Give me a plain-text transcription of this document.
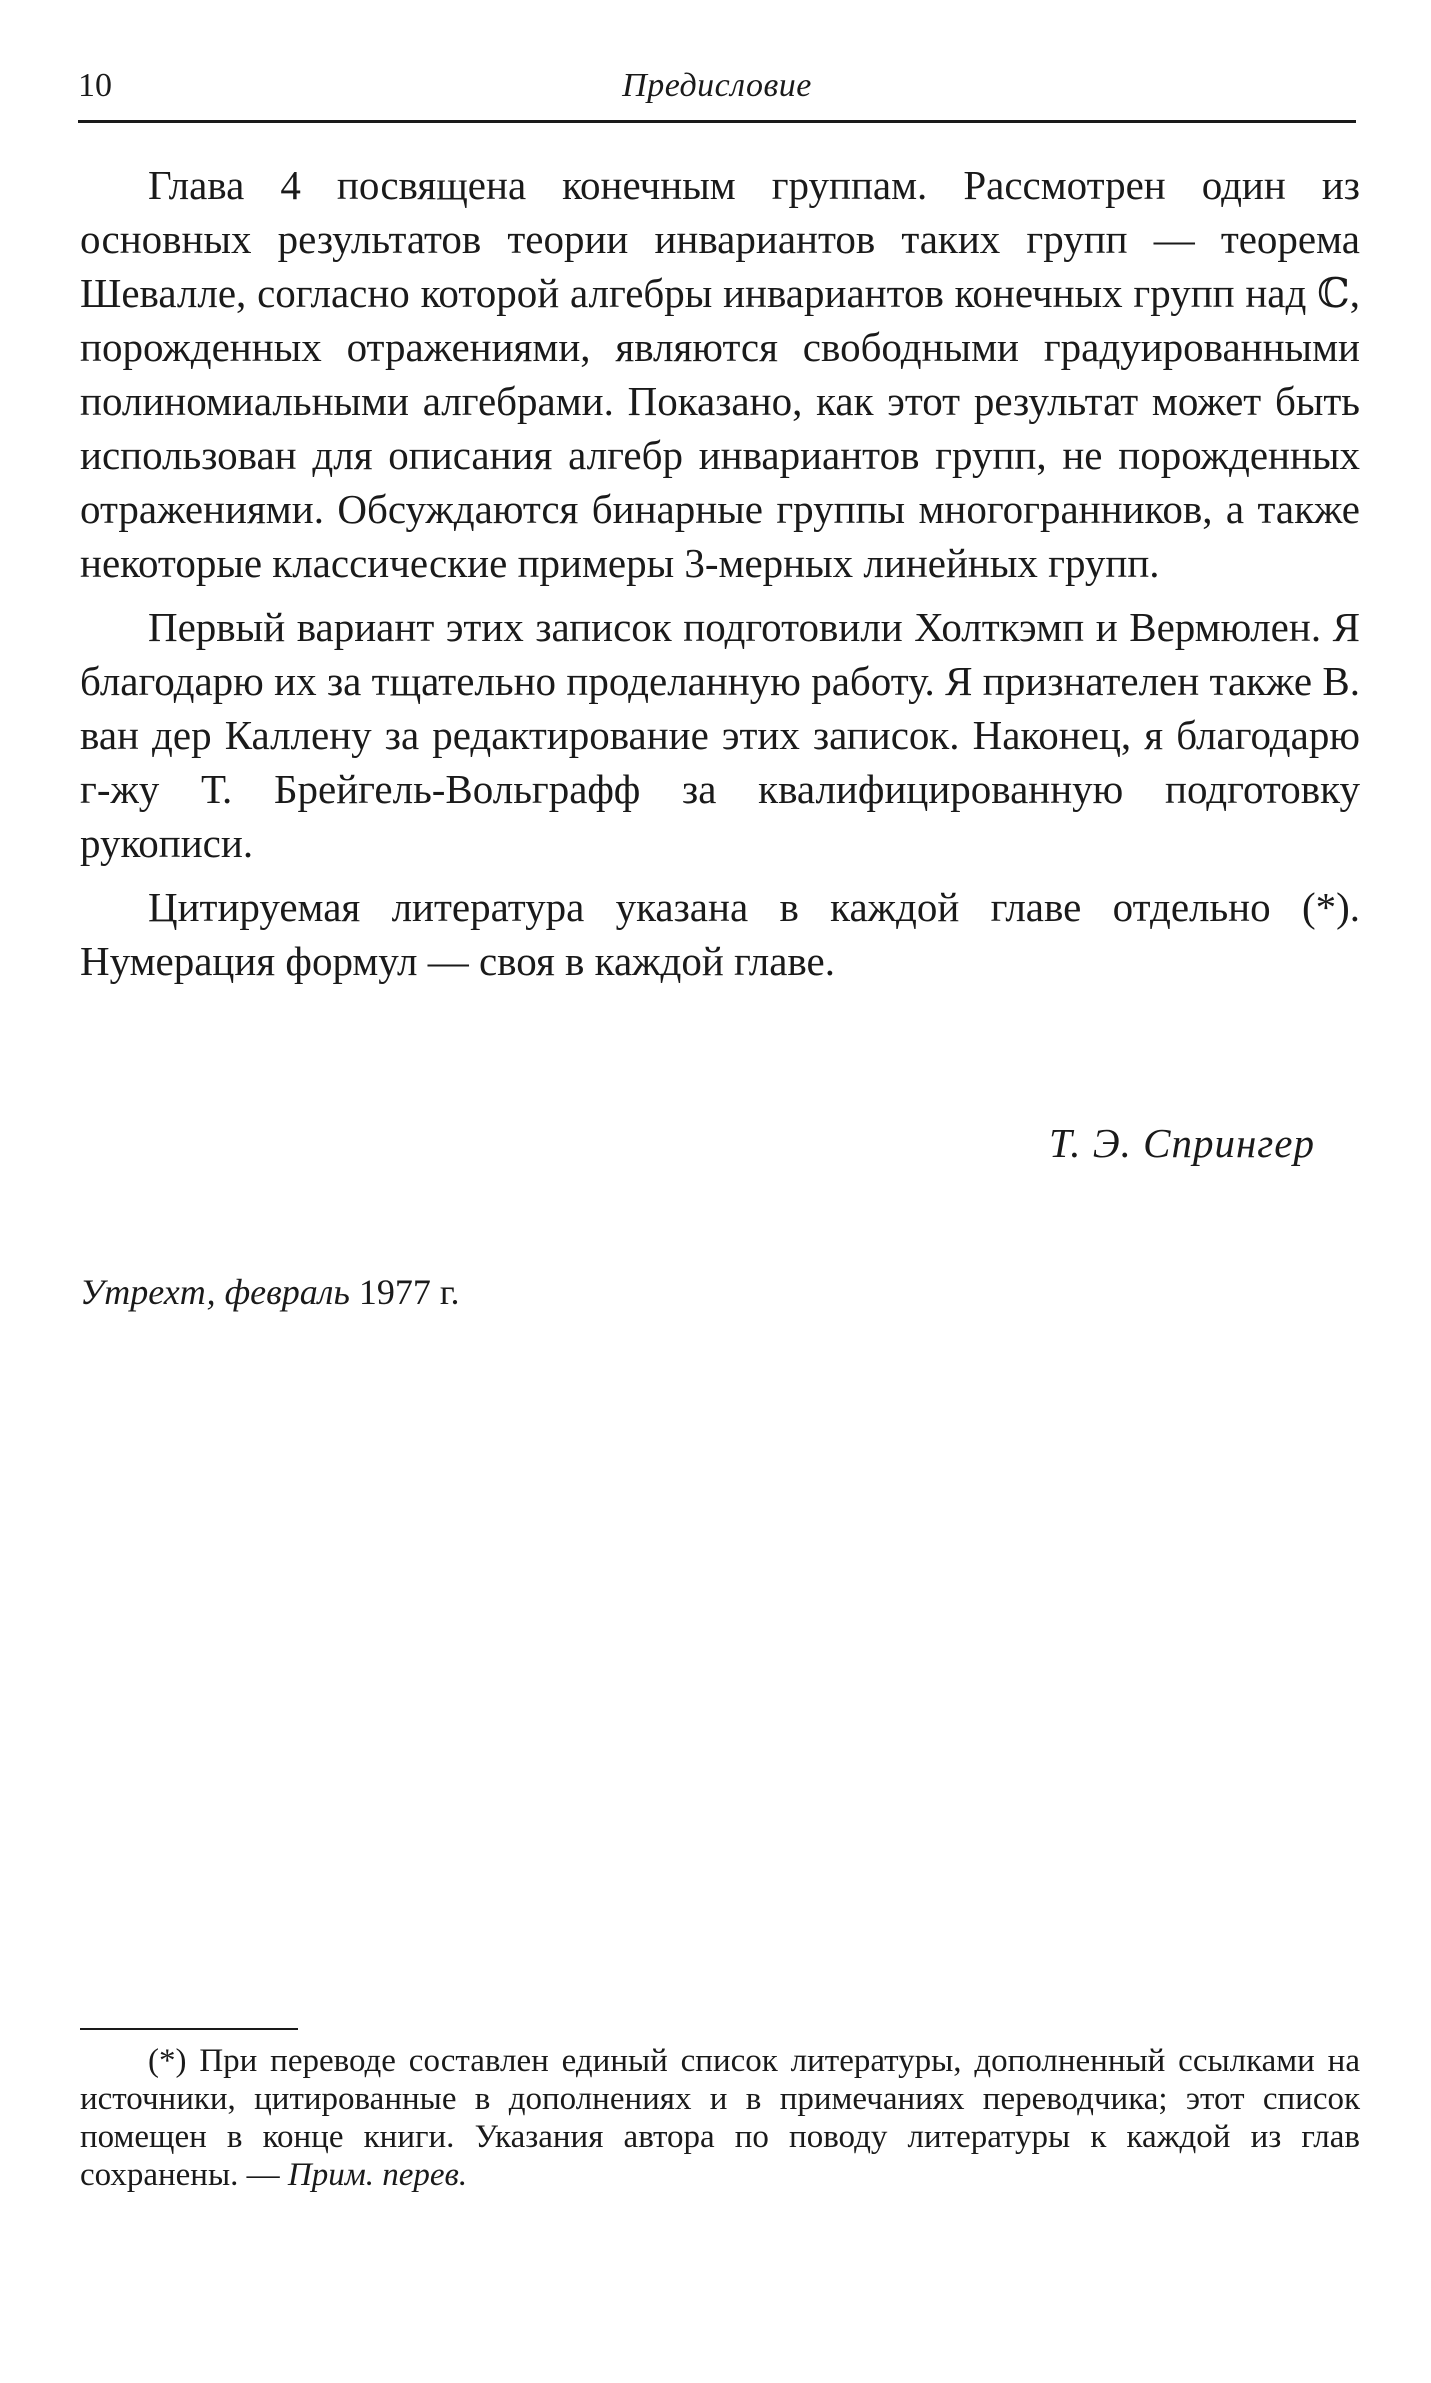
10	Предисловие

Глава 4 посвящена конечным группам. Рассмотрен один из основных результатов теории инвариантов таких групп — теорема Шевалле, согласно которой алгебры инвариантов конечных групп над ℂ, порожденных отражениями, являются свободными градуированными полиномиальными алгебрами. Показано, как этот результат может быть использован для описания алгебр инвариантов групп, не порожденных отражениями. Обсуждаются бинарные группы многогранников, а также некоторые классические примеры 3-мерных линейных групп.

Первый вариант этих записок подготовили Холткэмп и Вермюлен. Я благодарю их за тщательно проделанную работу. Я признателен также В. ван дер Каллену за редактирование этих записок. Наконец, я благодарю г-жу Т. Брейгель-Вольграфф за квалифицированную подготовку рукописи.

Цитируемая литература указана в каждой главе отдельно (*). Нумерация формул — своя в каждой главе.

Т. Э. Спрингер
Утрехт, февраль 1977 г.

(*) При переводе составлен единый список литературы, дополненный ссылками на источники, цитированные в дополнениях и в примечаниях переводчика; этот список помещен в конце книги. Указания автора по поводу литературы к каждой из глав сохранены. — Прим. перев.
